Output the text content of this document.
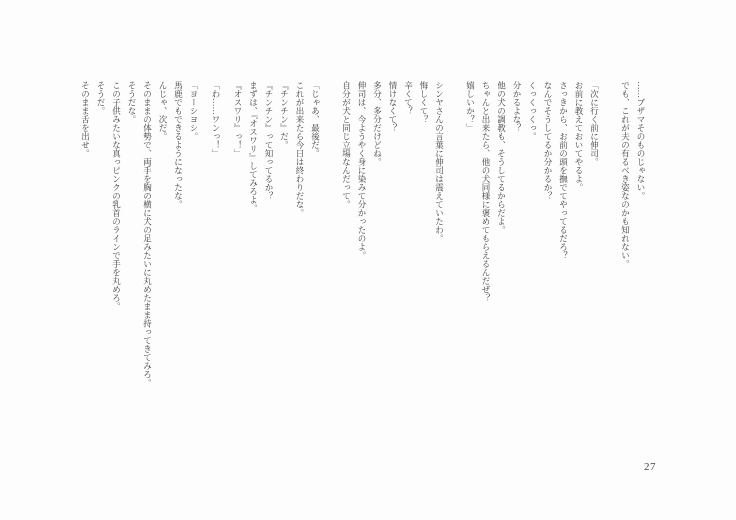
……ブザマそのものじゃない。

でも、これが夫の有るべき姿なのかも知れない。

「次に行く前に伸司。

お前に教えておいてやるよ。

さっきから、お前の頭を撫でてやってるだろ？

なんでそうしてるか分かるか？

くっくっくっ。

分かるよな？

他の犬の調教も、そうしてるからだよ。

ちゃんと出来たら、他の犬同様に褒めてもらえるんだぜ？

嬉しいか？」

シンヤさんの言葉に伸司は震えていたわ。

悔しくて？

辛くて？

情けなくて？

多分、多分だけどね。

伸司は、今ようやく身に染みて分かったのよ。

自分が犬と同じ立場なんだって。

「じゃあ、最後だ。

これが出来たら今日は終わりだな。

『チンチン』だ。

『チンチン』って知ってるか？

まずは、『オスワリ』してみろよ。

『オスワリ』っ！」

「わ……ワンっ！」

「ヨーシヨシ。

馬鹿でもできるようになったな。

んじゃ、次だ。

そのままの体勢で、両手を胸の横に犬の足みたいに丸めたまま持ってきてみろ。

そうだな。

この子供みたいな真っピンクの乳首のラインで手を丸めろ。

そうだ。

そのまま舌を出せ。

27
